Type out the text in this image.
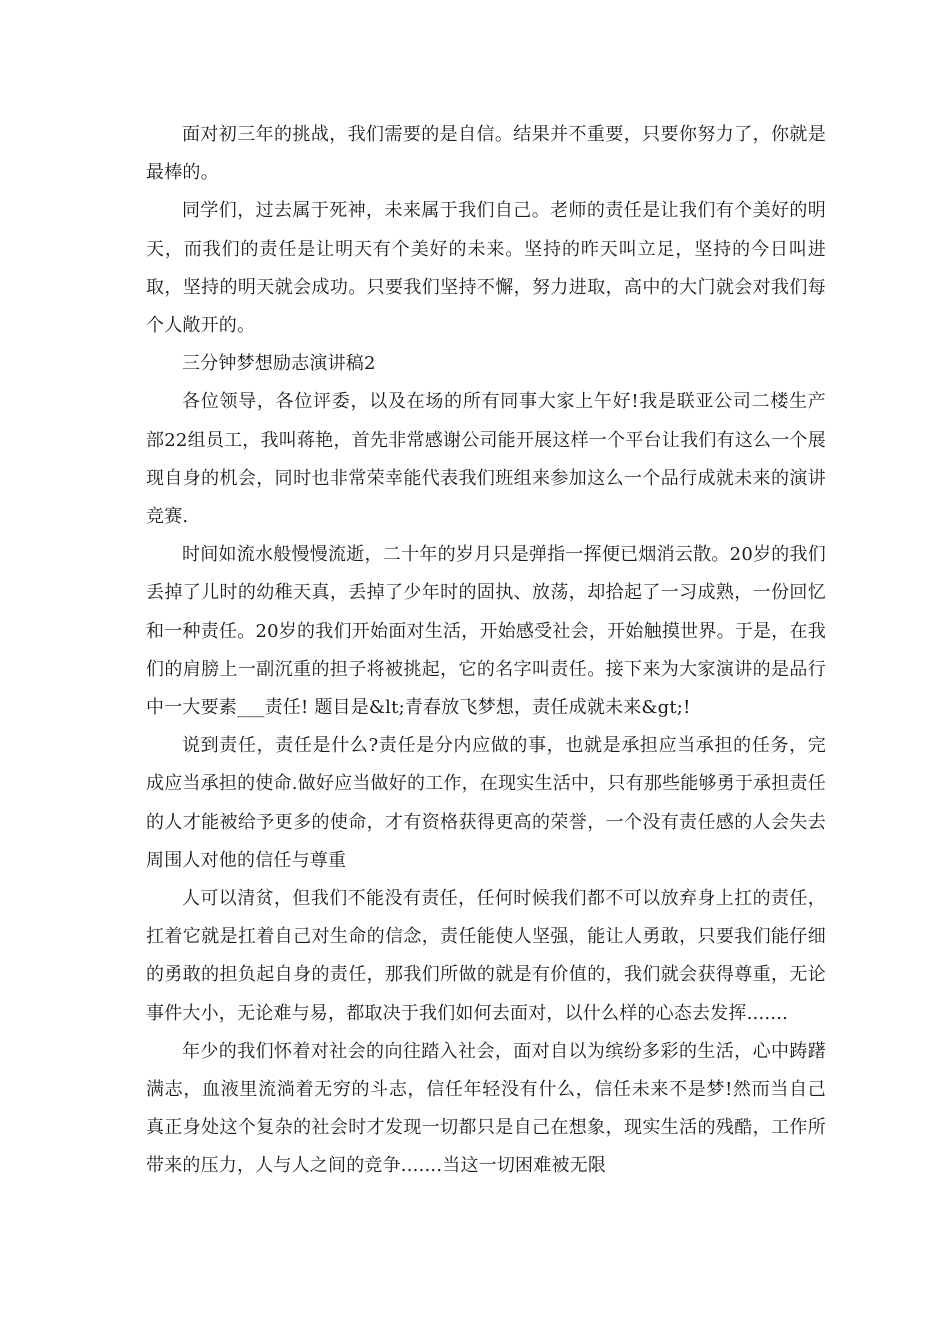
面对初三年的挑战，我们需要的是自信。结果并不重要，只要你努力了，你就是最棒的。

同学们，过去属于死神，未来属于我们自己。老师的责任是让我们有个美好的明天，而我们的责任是让明天有个美好的未来。坚持的昨天叫立足，坚持的今日叫进取，坚持的明天就会成功。只要我们坚持不懈，努力进取，高中的大门就会对我们每个人敞开的。

三分钟梦想励志演讲稿2

各位领导，各位评委，以及在场的所有同事大家上午好!我是联亚公司二楼生产部22组员工，我叫蒋艳，首先非常感谢公司能开展这样一个平台让我们有这么一个展现自身的机会，同时也非常荣幸能代表我们班组来参加这么一个品行成就未来的演讲竞赛.

时间如流水般慢慢流逝，二十年的岁月只是弹指一挥便已烟消云散。20岁的我们丢掉了儿时的幼稚天真，丢掉了少年时的固执、放荡，却拾起了一习成熟，一份回忆和一种责任。20岁的我们开始面对生活，开始感受社会，开始触摸世界。于是，在我们的肩膀上一副沉重的担子将被挑起，它的名字叫责任。接下来为大家演讲的是品行中一大要素___责任! 题目是&lt;青春放飞梦想，责任成就未来&gt;!

说到责任，责任是什么?责任是分内应做的事，也就是承担应当承担的任务，完成应当承担的使命.做好应当做好的工作，在现实生活中，只有那些能够勇于承担责任的人才能被给予更多的使命，才有资格获得更高的荣誉，一个没有责任感的人会失去周围人对他的信任与尊重

人可以清贫，但我们不能没有责任，任何时候我们都不可以放弃身上扛的责任，扛着它就是扛着自己对生命的信念，责任能使人坚强，能让人勇敢，只要我们能仔细的勇敢的担负起自身的责任，那我们所做的就是有价值的，我们就会获得尊重，无论事件大小，无论难与易，都取决于我们如何去面对，以什么样的心态去发挥.......

年少的我们怀着对社会的向往踏入社会，面对自以为缤纷多彩的生活，心中踌躇满志，血液里流淌着无穷的斗志，信任年轻没有什么，信任未来不是梦!然而当自己真正身处这个复杂的社会时才发现一切都只是自己在想象，现实生活的残酷，工作所带来的压力，人与人之间的竞争.......当这一切困难被无限
